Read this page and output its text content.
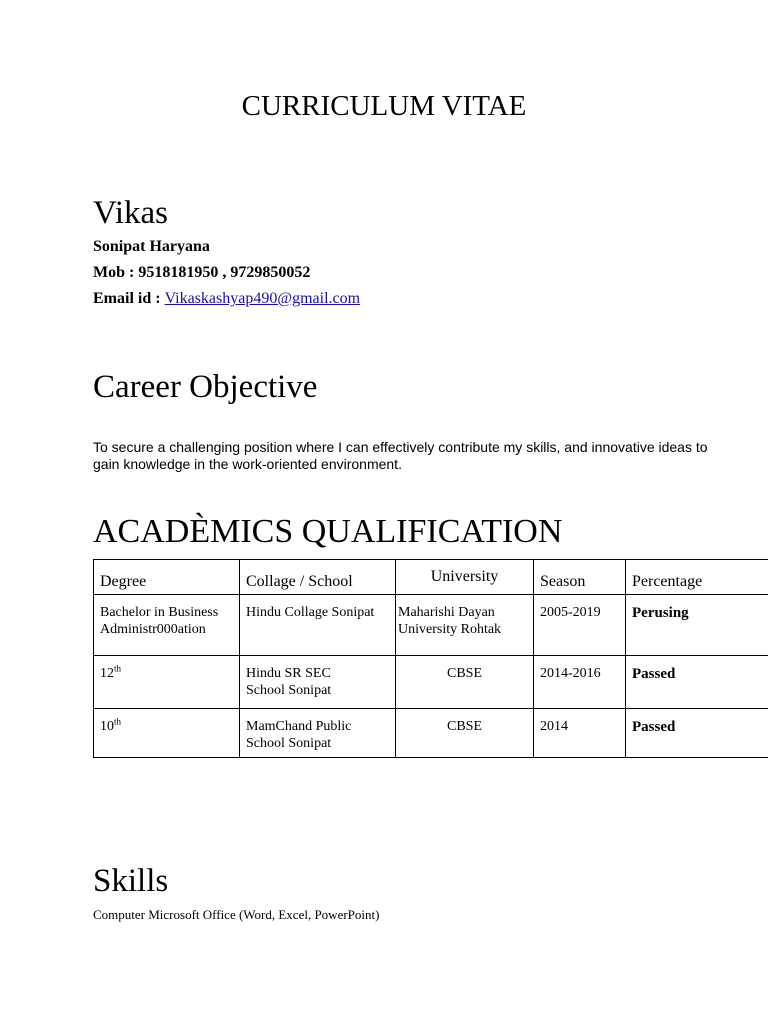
CURRICULUM VITAE
Vikas
Sonipat Haryana
Mob : 9518181950 , 9729850052
Email id : Vikaskashyap490@gmail.com
Career Objective
To secure a challenging position where I can effectively contribute my skills, and innovative ideas to gain knowledge in the work-oriented environment.
ACADÈMICS QUALIFICATION
Degree	Collage / School	University	Season	Percentage

Bachelor in Business Administr000ation	Hindu Collage Sonipat	Maharishi Dayan University Rohtak	2005-2019	Perusing

12th	Hindu SR SEC School Sonipat	CBSE	2014-2016	Passed

10th	MamChand Public School Sonipat	CBSE	2014	Passed
Skills
Computer Microsoft Office (Word, Excel, PowerPoint)
